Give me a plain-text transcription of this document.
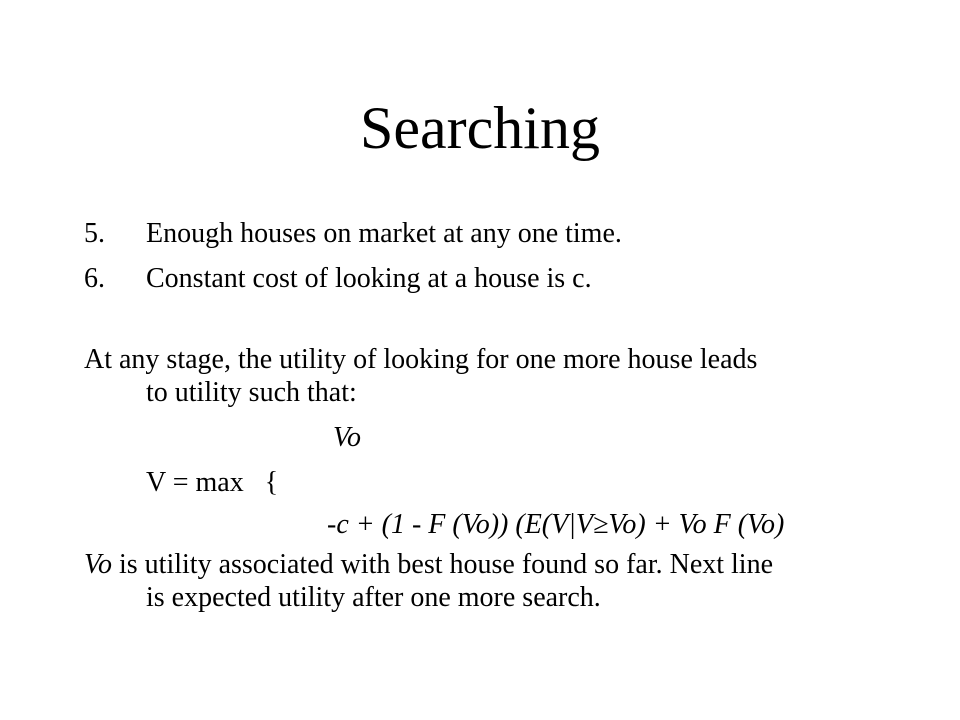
Searching
5. Enough houses on market at any one time.
6. Constant cost of looking at a house is c.
At any stage, the utility of looking for one more house leads
to utility such that:
Vo
V = max {
-c + (1 - F (Vo)) (E(V|V≥Vo) + Vo F (Vo)
Vo is utility associated with best house found so far. Next line
is expected utility after one more search.
